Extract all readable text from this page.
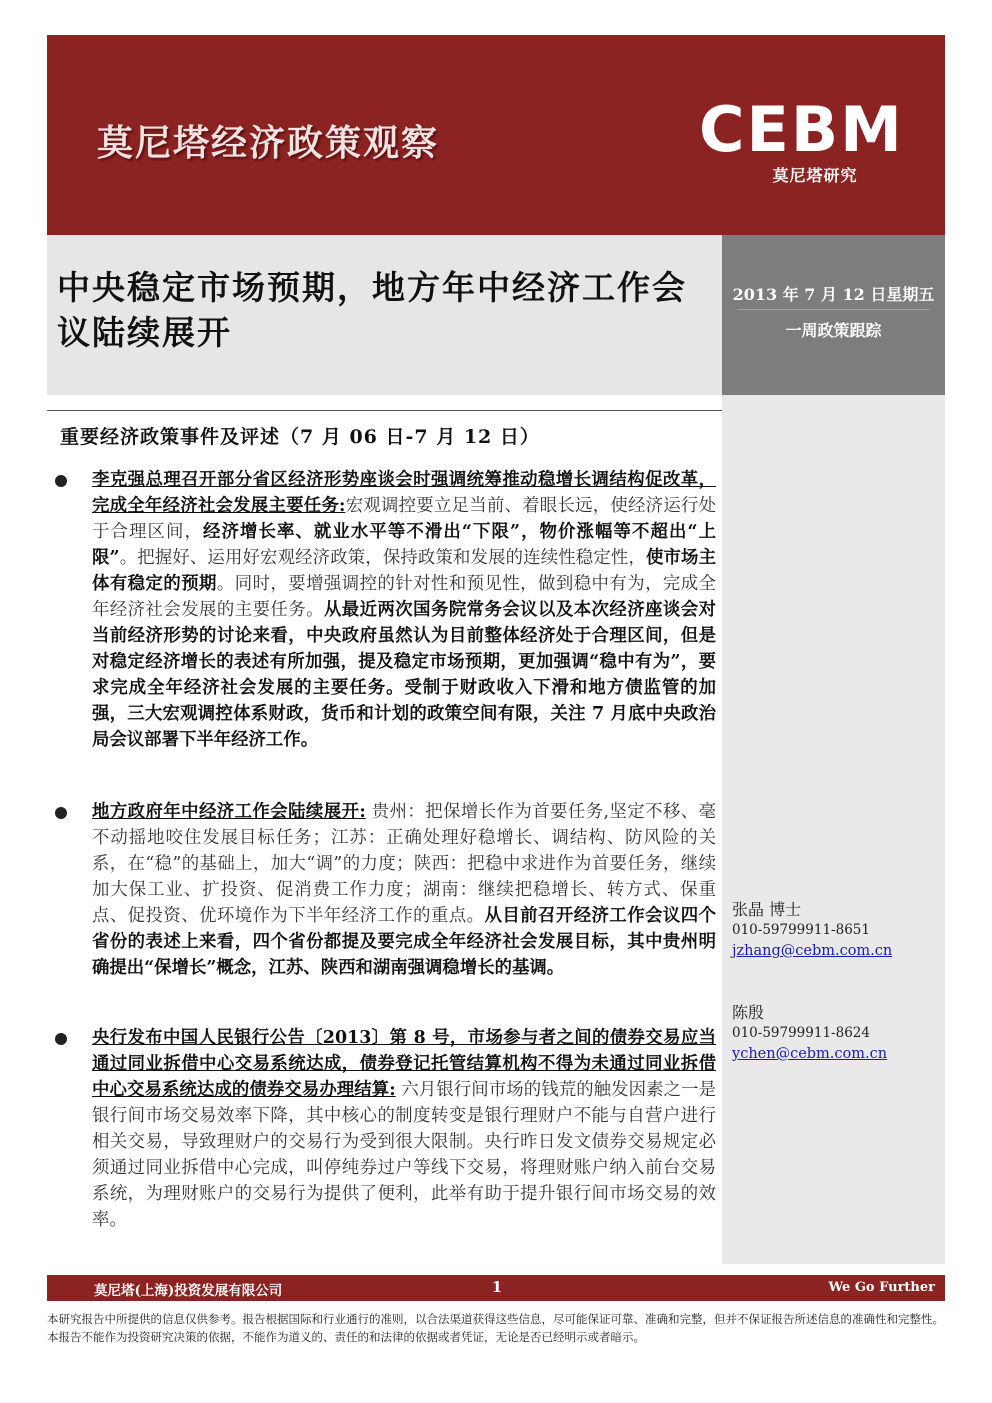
莫尼塔经济政策观察	CEBM
莫尼塔研究
中央稳定市场预期，地方年中经济工作会议陆续展开
2013 年 7 月 12 日星期五
一周政策跟踪
张晶 博士
010-59799911-8651
jzhang@cebm.com.cn
陈殷
010-59799911-8624
ychen@cebm.com.cn
重要经济政策事件及评述（7 月 06 日-7 月 12 日）
李克强总理召开部分省区经济形势座谈会时强调统筹推动稳增长调结构促改革，完成全年经济社会发展主要任务:宏观调控要立足当前、着眼长远，使经济运行处于合理区间，经济增长率、就业水平等不滑出“下限”，物价涨幅等不超出“上限”。把握好、运用好宏观经济政策，保持政策和发展的连续性稳定性，使市场主体有稳定的预期。同时，要增强调控的针对性和预见性，做到稳中有为，完成全年经济社会发展的主要任务。从最近两次国务院常务会议以及本次经济座谈会对当前经济形势的讨论来看，中央政府虽然认为目前整体经济处于合理区间，但是对稳定经济增长的表述有所加强，提及稳定市场预期，更加强调“稳中有为”，要求完成全年经济社会发展的主要任务。受制于财政收入下滑和地方债监管的加强，三大宏观调控体系财政，货币和计划的政策空间有限，关注 7 月底中央政治局会议部署下半年经济工作。
地方政府年中经济工作会陆续展开: 贵州：把保增长作为首要任务,坚定不移、毫不动摇地咬住发展目标任务；江苏：正确处理好稳增长、调结构、防风险的关系，在“稳”的基础上，加大“调”的力度；陕西：把稳中求进作为首要任务，继续加大保工业、扩投资、促消费工作力度；湖南：继续把稳增长、转方式、保重点、促投资、优环境作为下半年经济工作的重点。从目前召开经济工作会议四个省份的表述上来看，四个省份都提及要完成全年经济社会发展目标，其中贵州明确提出“保增长”概念，江苏、陕西和湖南强调稳增长的基调。
央行发布中国人民银行公告〔2013〕第 8 号，市场参与者之间的债券交易应当通过同业拆借中心交易系统达成，债券登记托管结算机构不得为未通过同业拆借中心交易系统达成的债券交易办理结算: 六月银行间市场的钱荒的触发因素之一是银行间市场交易效率下降，其中核心的制度转变是银行理财户不能与自营户进行相关交易，导致理财户的交易行为受到很大限制。央行昨日发文债券交易规定必须通过同业拆借中心完成，叫停纯券过户等线下交易，将理财账户纳入前台交易系统，为理财账户的交易行为提供了便利，此举有助于提升银行间市场交易的效率。
莫尼塔(上海)投资发展有限公司	1	We Go Further
本研究报告中所提供的信息仅供参考。报告根据国际和行业通行的准则，以合法渠道获得这些信息，尽可能保证可靠、准确和完整，但并不保证报告所述信息的准确性和完整性。本报告不能作为投资研究决策的依据，不能作为道义的、责任的和法律的依据或者凭证，无论是否已经明示或者暗示。
